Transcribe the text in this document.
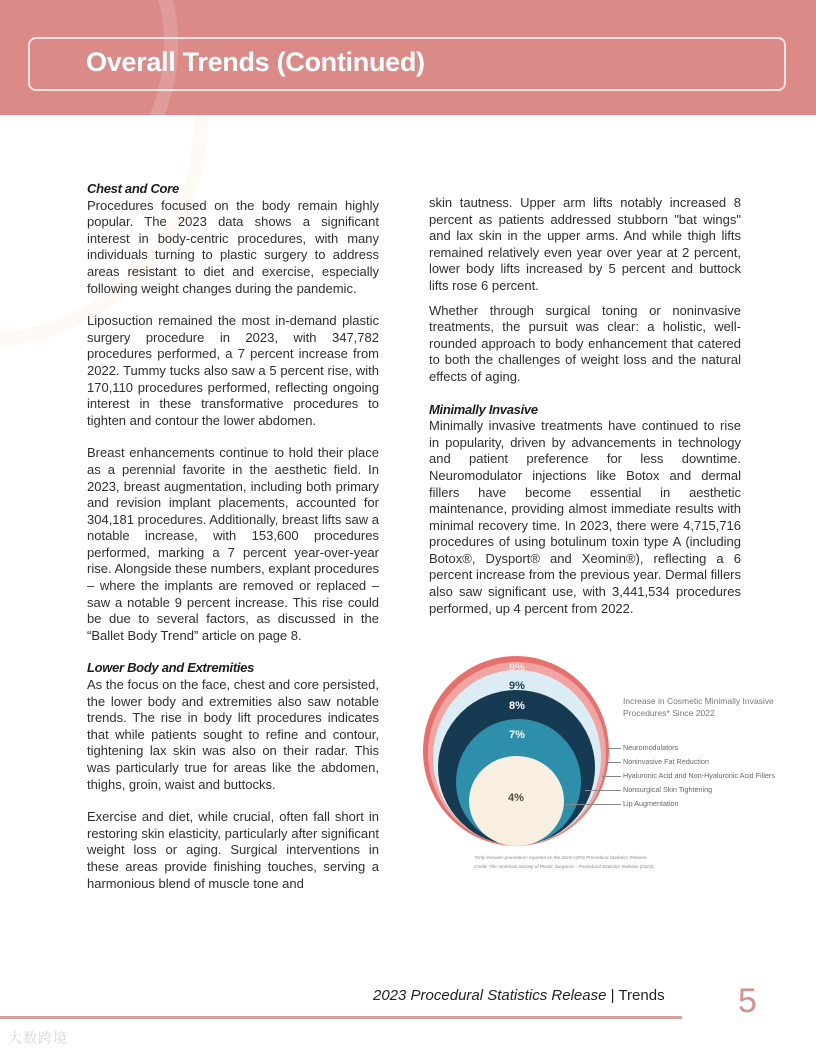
Overall Trends (Continued)
Chest and Core

Procedures focused on the body remain highly popular. The 2023 data shows a significant interest in body-centric procedures, with many individuals turning to plastic surgery to address areas resistant to diet and exercise, especially following weight changes during the pandemic.

Liposuction remained the most in-demand plastic surgery procedure in 2023, with 347,782 procedures performed, a 7 percent increase from 2022. Tummy tucks also saw a 5 percent rise, with 170,110 procedures performed, reflecting ongoing interest in these transformative procedures to tighten and contour the lower abdomen.

Breast enhancements continue to hold their place as a perennial favorite in the aesthetic field. In 2023, breast augmentation, including both primary and revision implant placements, accounted for 304,181 procedures. Additionally, breast lifts saw a notable increase, with 153,600 procedures performed, marking a 7 percent year-over-year rise. Alongside these numbers, explant procedures – where the implants are removed or replaced – saw a notable 9 percent increase. This rise could be due to several factors, as discussed in the “Ballet Body Trend” article on page 8.

Lower Body and Extremities

As the focus on the face, chest and core persisted, the lower body and extremities also saw notable trends. The rise in body lift procedures indicates that while patients sought to refine and contour, tightening lax skin was also on their radar. This was particularly true for areas like the abdomen, thighs, groin, waist and buttocks.

Exercise and diet, while crucial, often fall short in restoring skin elasticity, particularly after significant weight loss or aging. Surgical interventions in these areas provide finishing touches, serving a harmonious blend of muscle tone and

skin tautness. Upper arm lifts notably increased 8 percent as patients addressed stubborn "bat wings" and lax skin in the upper arms. And while thigh lifts remained relatively even year over year at 2 percent, lower body lifts increased by 5 percent and buttock lifts rose 6 percent.

Whether through surgical toning or noninvasive treatments, the pursuit was clear: a holistic, well-rounded approach to body enhancement that catered to both the challenges of weight loss and the natural effects of aging.

Minimally Invasive

Minimally invasive treatments have continued to rise in popularity, driven by advancements in technology and patient preference for less downtime. Neuromodulator injections like Botox and dermal fillers have become essential in aesthetic maintenance, providing almost immediate results with minimal recovery time. In 2023, there were 4,715,716 procedures of using botulinum toxin type A (including Botox®, Dysport® and Xeomin®), reflecting a 6 percent increase from the previous year. Dermal fillers also saw significant use, with 3,441,534 procedures performed, up 4 percent from 2022.

9%
9%
8%
7%
4%
Increase in Cosmetic Minimally Invasive Procedures* Since 2022
Neuromodulators
Noninvasive Fat Reduction
Hyaluronic Acid and Non-Hyaluronic Acid Fillers
Nonsurgical Skin Tightening
Lip Augmentation
*Only includes procedures reported on the 2019 ASPS Procedural Statistics Release.
Credit: The American Society of Plastic Surgeons - Procedural Statistics Release (2023).
2023 Procedural Statistics Release | Trends 5
大数跨境
